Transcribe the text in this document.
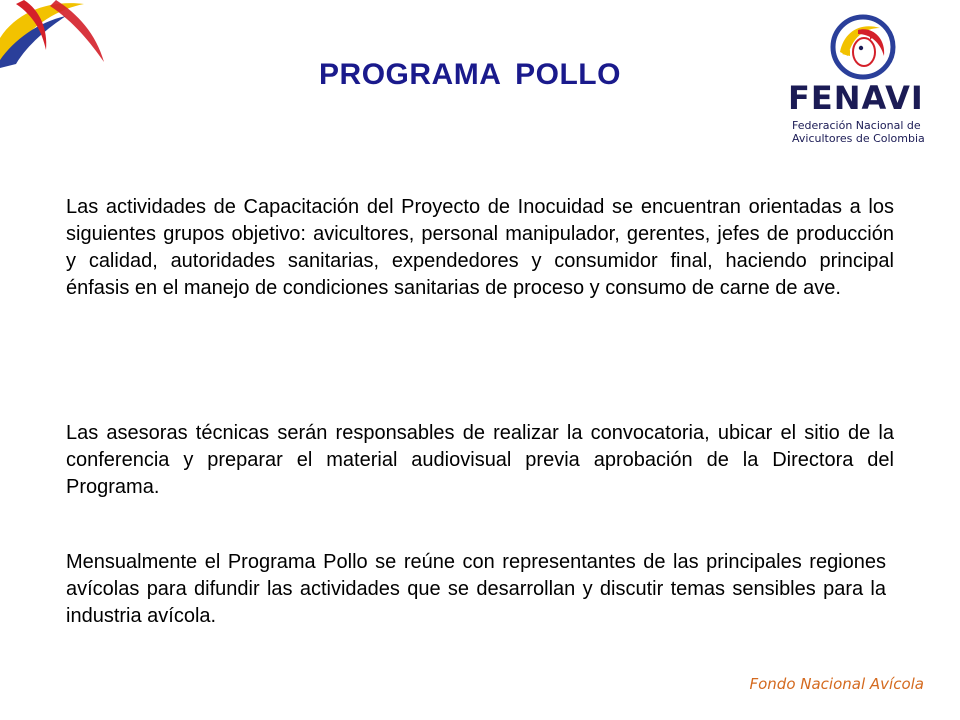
PROGRAMA POLLO
FENAVI
Federación Nacional de
Avicultores de Colombia

Las actividades de Capacitación del Proyecto de Inocuidad se encuentran orientadas a los siguientes grupos objetivo: avicultores, personal manipulador, gerentes, jefes de producción y calidad, autoridades sanitarias, expendedores y consumidor final, haciendo principal énfasis en el manejo de condiciones sanitarias de proceso y consumo de carne de ave.

Las asesoras técnicas serán responsables de realizar la convocatoria, ubicar el sitio de la conferencia y preparar el material audiovisual previa aprobación de la Directora del Programa.

Mensualmente el Programa Pollo se reúne con representantes de las principales regiones avícolas para difundir las actividades que se desarrollan y discutir temas sensibles para la industria avícola.

Fondo Nacional Avícola
